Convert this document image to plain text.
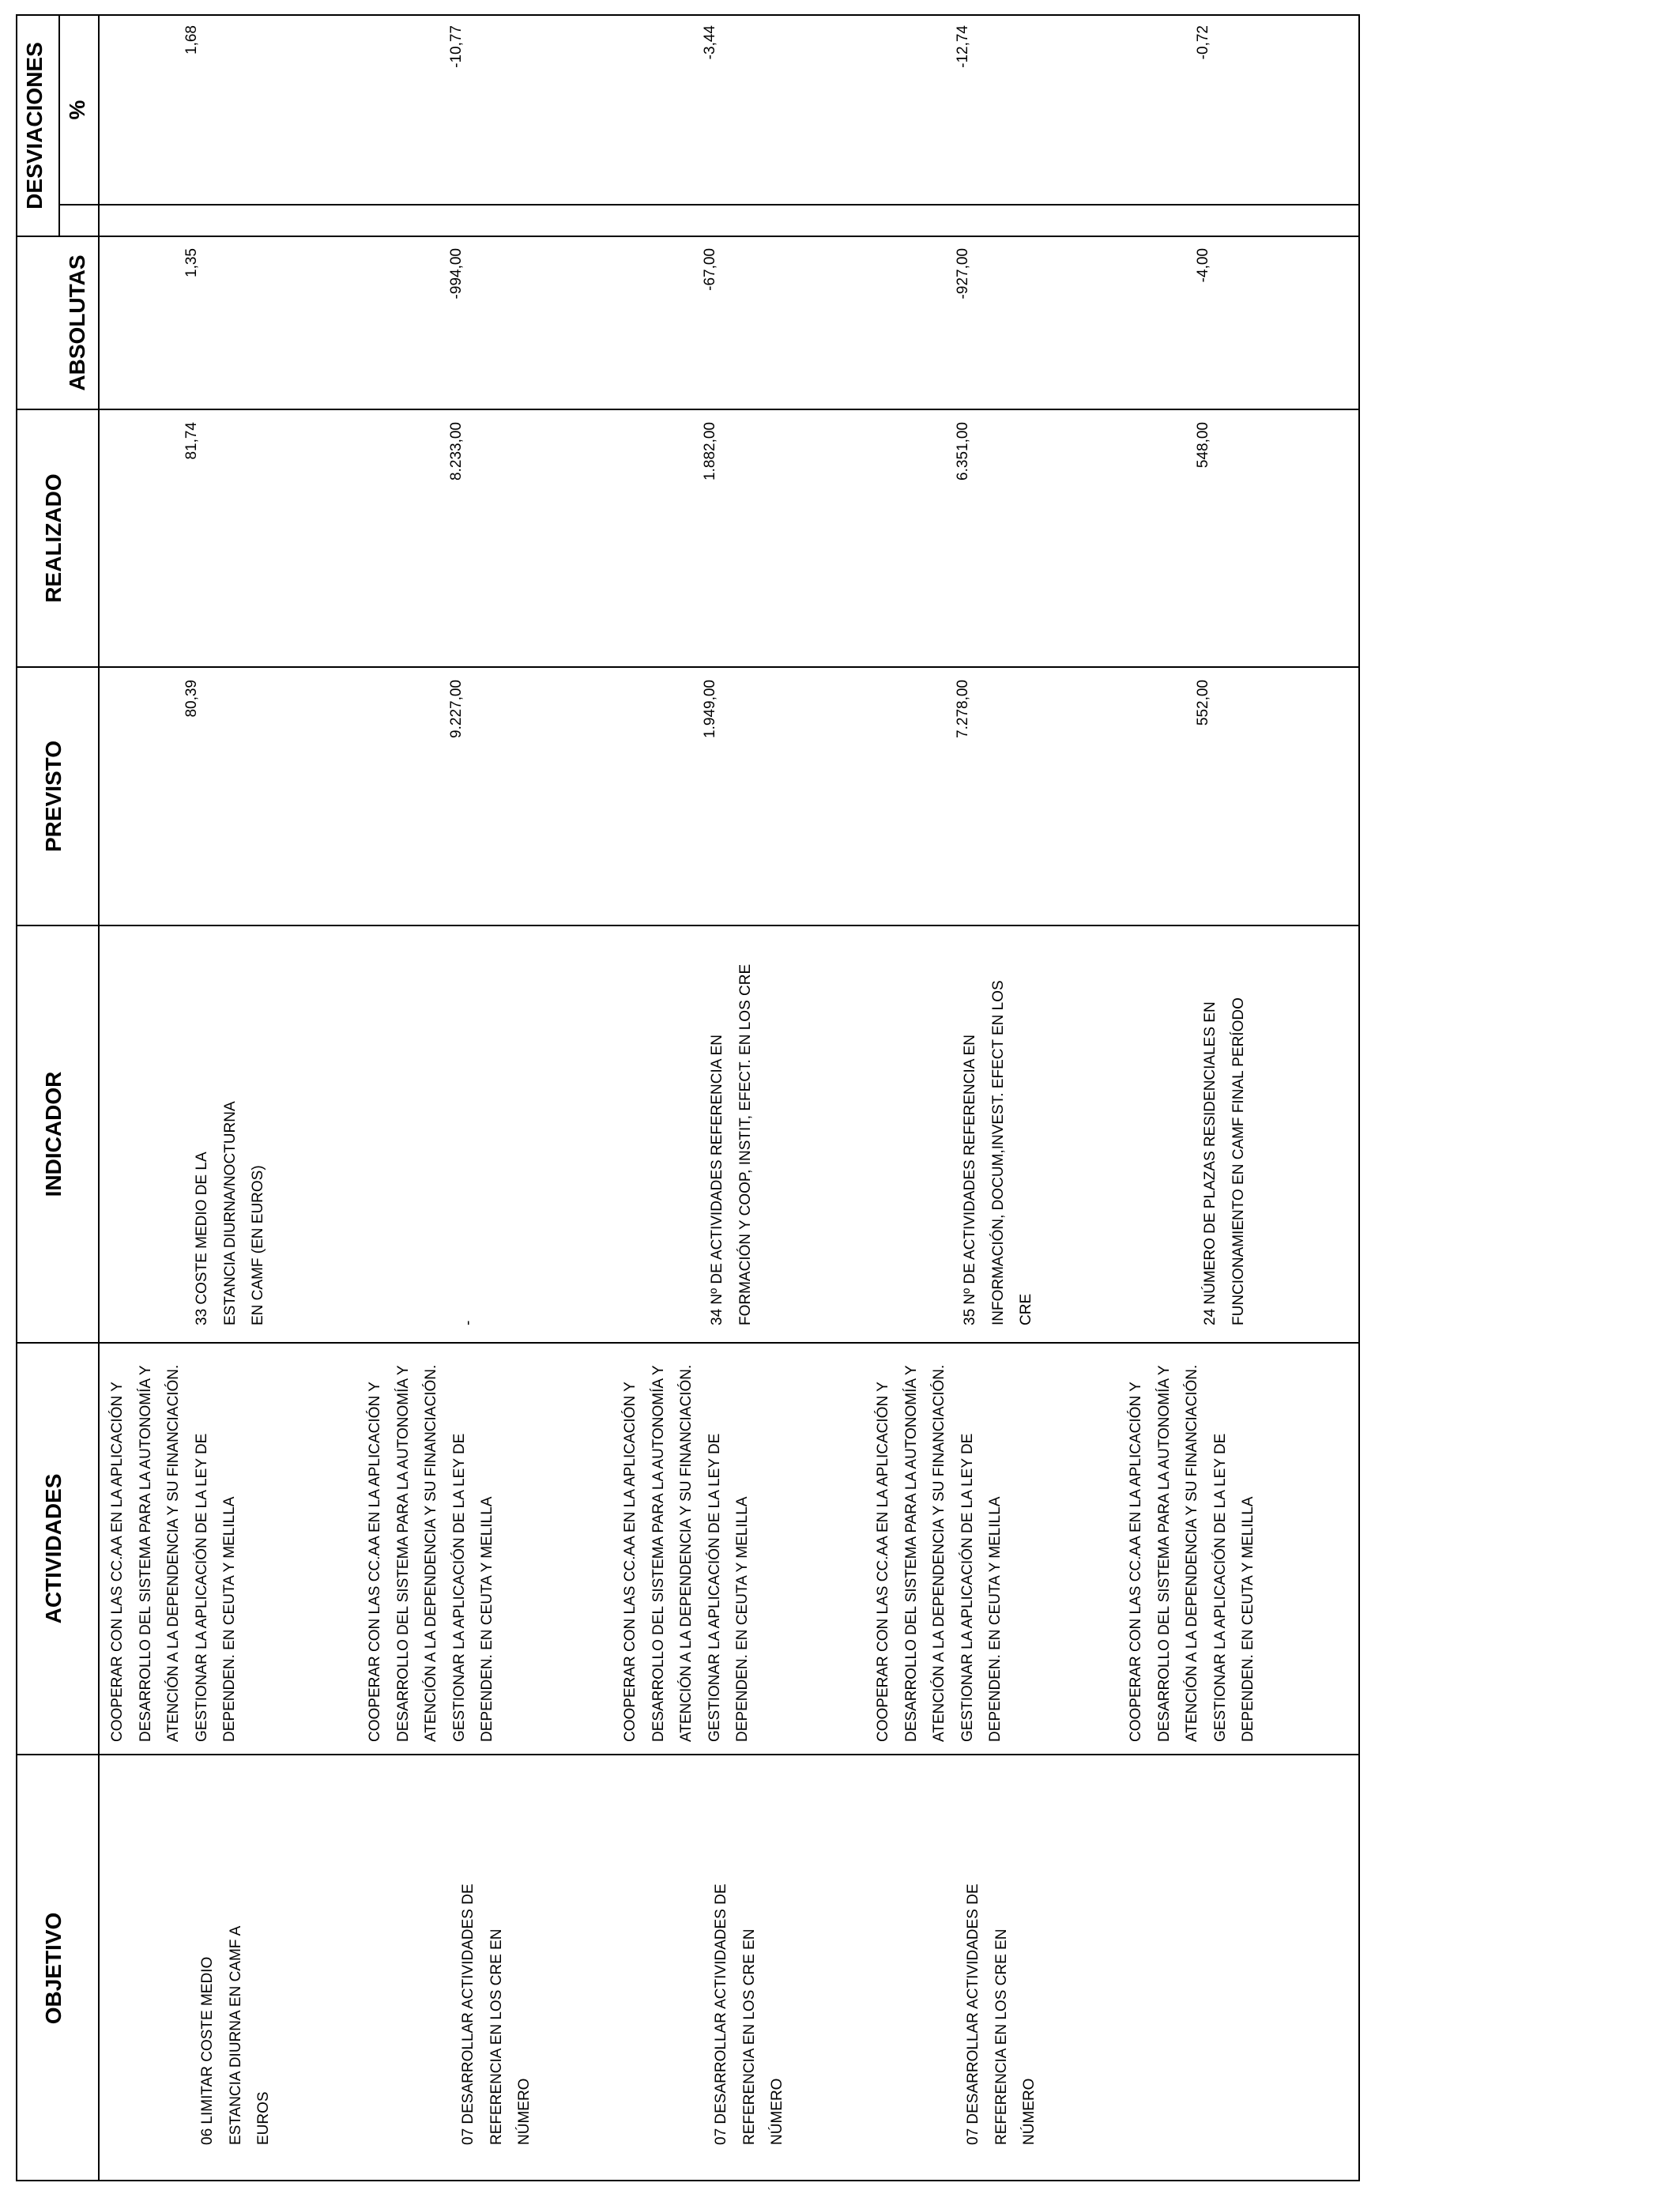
OBJETIVO
ACTIVIDADES
INDICADOR
PREVISTO
REALIZADO
DESVIACIONES
ABSOLUTAS
%
06 LIMITAR COSTE MEDIO ESTANCIA DIURNA EN CAMF A EUROS
COOPERAR CON LAS CC.AA EN LA APLICACIÓN Y DESARROLLO DEL SISTEMA PARA LA AUTONOMÍA Y ATENCIÓN A LA DEPENDENCIA Y SU FINANCIACIÓN. GESTIONAR LA APLICACIÓN DE LA LEY DE DEPENDEN. EN CEUTA Y MELILLA
33 COSTE MEDIO DE LA ESTANCIA DIURNA/NOCTURNA EN CAMF (EN EUROS)
80,39
81,74
1,35
1,68
07 DESARROLLAR ACTIVIDADES DE REFERENCIA EN LOS CRE EN NÚMERO
COOPERAR CON LAS CC.AA EN LA APLICACIÓN Y DESARROLLO DEL SISTEMA PARA LA AUTONOMÍA Y ATENCIÓN A LA DEPENDENCIA Y SU FINANCIACIÓN. GESTIONAR LA APLICACIÓN DE LA LEY DE DEPENDEN. EN CEUTA Y MELILLA
-
9.227,00
8.233,00
-994,00
-10,77
07 DESARROLLAR ACTIVIDADES DE REFERENCIA EN LOS CRE EN NÚMERO
COOPERAR CON LAS CC.AA EN LA APLICACIÓN Y DESARROLLO DEL SISTEMA PARA LA AUTONOMÍA Y ATENCIÓN A LA DEPENDENCIA Y SU FINANCIACIÓN. GESTIONAR LA APLICACIÓN DE LA LEY DE DEPENDEN. EN CEUTA Y MELILLA
34 Nº DE ACTIVIDADES REFERENCIA EN FORMACIÓN Y COOP, INSTIT, EFECT. EN LOS CRE
1.949,00
1.882,00
-67,00
-3,44
07 DESARROLLAR ACTIVIDADES DE REFERENCIA EN LOS CRE EN NÚMERO
COOPERAR CON LAS CC.AA EN LA APLICACIÓN Y DESARROLLO DEL SISTEMA PARA LA AUTONOMÍA Y ATENCIÓN A LA DEPENDENCIA Y SU FINANCIACIÓN. GESTIONAR LA APLICACIÓN DE LA LEY DE DEPENDEN. EN CEUTA Y MELILLA
35 Nº DE ACTIVIDADES REFERENCIA EN INFORMACIÓN, DOCUM,INVEST. EFECT EN LOS CRE
7.278,00
6.351,00
-927,00
-12,74
COOPERAR CON LAS CC.AA EN LA APLICACIÓN Y DESARROLLO DEL SISTEMA PARA LA AUTONOMÍA Y ATENCIÓN A LA DEPENDENCIA Y SU FINANCIACIÓN. GESTIONAR LA APLICACIÓN DE LA LEY DE DEPENDEN. EN CEUTA Y MELILLA
24 NÚMERO DE PLAZAS RESIDENCIALES EN FUNCIONAMIENTO EN CAMF FINAL PERÍODO
552,00
548,00
-4,00
-0,72
